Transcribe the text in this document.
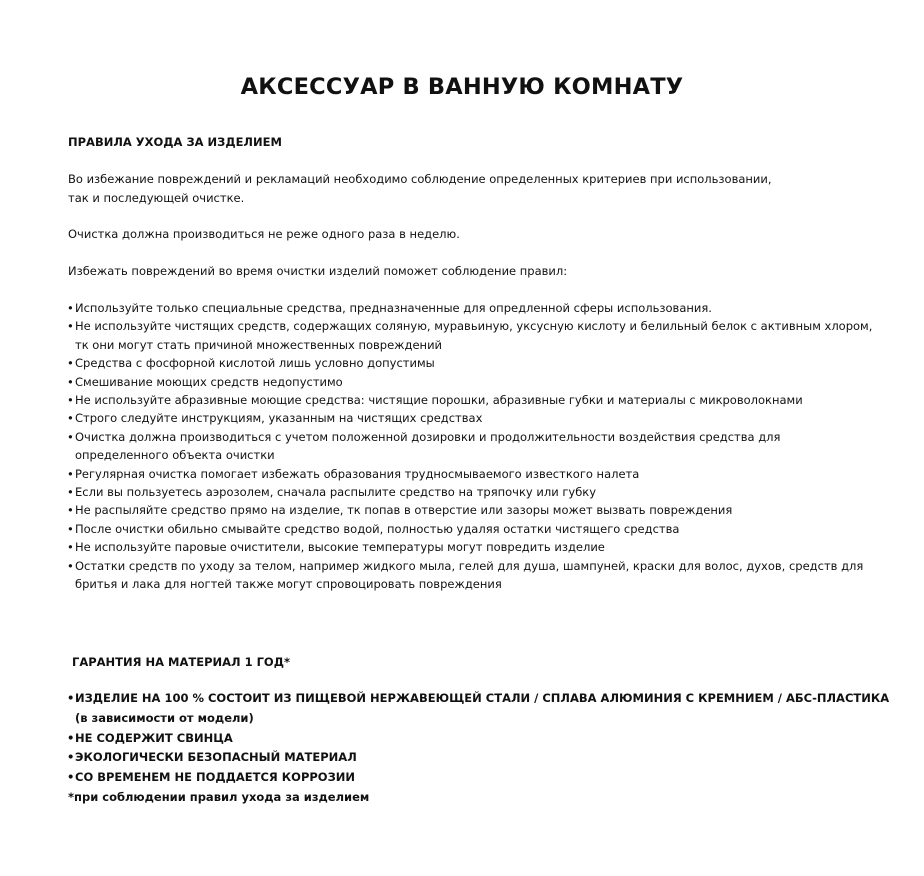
АКСЕССУАР В ВАННУЮ КОМНАТУ
ПРАВИЛА УХОДА ЗА ИЗДЕЛИЕМ

Во избежание повреждений и рекламаций необходимо соблюдение определенных критериев при использовании,
так и последующей очистке.

Очистка должна производиться не реже одного раза в неделю.

Избежать повреждений во время очистки изделий поможет соблюдение правил:

• Используйте только специальные средства, предназначенные для опредленной сферы использования.
• Не используйте чистящих средств, содержащих соляную, муравьиную, уксусную кислоту и белильный белок с активным хлором,
тк они могут стать причиной множественных повреждений
• Средства с фосфорной кислотой лишь условно допустимы
• Смешивание моющих средств недопустимо
• Не используйте абразивные моющие средства: чистящие порошки, абразивные губки и материалы с микроволокнами
• Строго следуйте инструкциям, указанным на чистящих средствах
• Очистка должна производиться с учетом положенной дозировки и продолжительности воздействия средства для
определенного объекта очистки
• Регулярная очистка помогает избежать образования трудносмываемого известкого налета
• Если вы пользуетесь аэрозолем, сначала распылите средство на тряпочку или губку
• Не распыляйте средство прямо на изделие, тк попав в отверстие или зазоры может вызвать повреждения
• После очистки обильно смывайте средство водой, полностью удаляя остатки чистящего средства
• Не используйте паровые очистители, высокие температуры могут повредить изделие
• Остатки средств по уходу за телом, например жидкого мыла, гелей для душа, шампуней, краски для волос, духов, средств для
бритья и лака для ногтей также могут спровоцировать повреждения
ГАРАНТИЯ НА МАТЕРИАЛ 1 ГОД*
• ИЗДЕЛИЕ НА 100 % СОСТОИТ ИЗ ПИЩЕВОЙ НЕРЖАВЕЮЩЕЙ СТАЛИ / СПЛАВА АЛЮМИНИЯ С КРЕМНИЕМ / АБС-ПЛАСТИКА
(в зависимости от модели)
• НЕ СОДЕРЖИТ СВИНЦА
• ЭКОЛОГИЧЕСКИ БЕЗОПАСНЫЙ МАТЕРИАЛ
• СО ВРЕМЕНЕМ НЕ ПОДДАЕТСЯ КОРРОЗИИ

*при соблюдении правил ухода за изделием
